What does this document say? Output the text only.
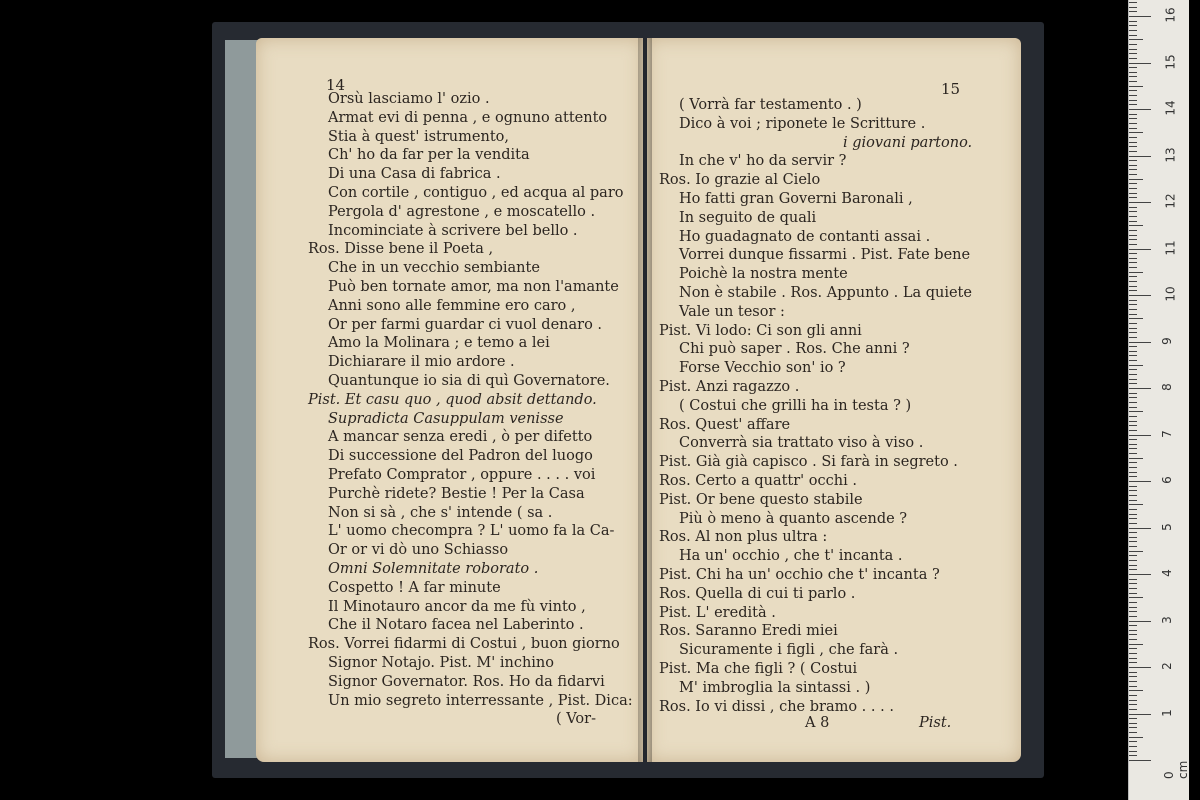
14
Orsù lasciamo l' ozio .
Armat evi di penna , e ognuno attento
Stia à quest' istrumento,
Ch' ho da far per la vendita
Di una Casa di fabrica .
Con cortile , contiguo , ed acqua al paro
Pergola d' agrestone , e moscatello .
Incominciate à scrivere bel bello .
Ros. Disse bene il Poeta ,
Che in un vecchio sembiante
Può ben tornate amor, ma non l'amante
Anni sono alle femmine ero caro ,
Or per farmi guardar ci vuol denaro .
Amo la Molinara ; e temo a lei
Dichiarare il mio ardore .
Quantunque io sia di quì Governatore.
Pist. Et casu quo , quod absit dettando.
Supradicta Casuppulam venisse
A mancar senza eredi , ò per difetto
Di successione del Padron del luogo
Prefato Comprator , oppure . . . . voi
Purchè ridete? Bestie ! Per la Casa
Non si sà , che s' intende ( sa .
L' uomo checompra ? L' uomo fa la Ca-
Or or vi dò uno Schiasso
Omni Solemnitate roborato .
Cospetto ! A far minute
Il Minotauro ancor da me fù vinto ,
Che il Notaro facea nel Laberinto .
Ros. Vorrei fidarmi di Costui , buon giorno
Signor Notajo. Pist. M' inchino
Signor Governator. Ros. Ho da fidarvi
Un mio segreto interressante , Pist. Dica:
( Vor-
15
( Vorrà far testamento . )
Dico à voi ; riponete le Scritture .
i giovani partono.
In che v' ho da servir ?
Ros. Io grazie al Cielo
Ho fatti gran Governi Baronali ,
In seguito de quali
Ho guadagnato de contanti assai .
Vorrei dunque fissarmi . Pist. Fate bene
Poichè la nostra mente
Non è stabile . Ros. Appunto . La quiete
Vale un tesor :
Pist. Vi lodo: Ci son gli anni
Chi può saper . Ros. Che anni ?
Forse Vecchio son' io ?
Pist. Anzi ragazzo .
( Costui che grilli ha in testa ? )
Ros. Quest' affare
Converrà sia trattato viso à viso .
Pist. Già già capisco . Si farà in segreto .
Ros. Certo a quattr' occhi .
Pist. Or bene questo stabile
Più ò meno à quanto ascende ?
Ros. Al non plus ultra :
Ha un' occhio , che t' incanta .
Pist. Chi ha un' occhio che t' incanta ?
Ros. Quella di cui ti parlo .
Pist. L' eredità .
Ros. Saranno Eredi miei
Sicuramente i figli , che farà .
Pist. Ma che figli ? ( Costui
M' imbroglia la sintassi . )
Ros. Io vi dissi , che bramo . . . .
A 8	Pist.
0 cm
1
2
3
4
5
6
7
8
9
10
11
12
13
14
15
16
